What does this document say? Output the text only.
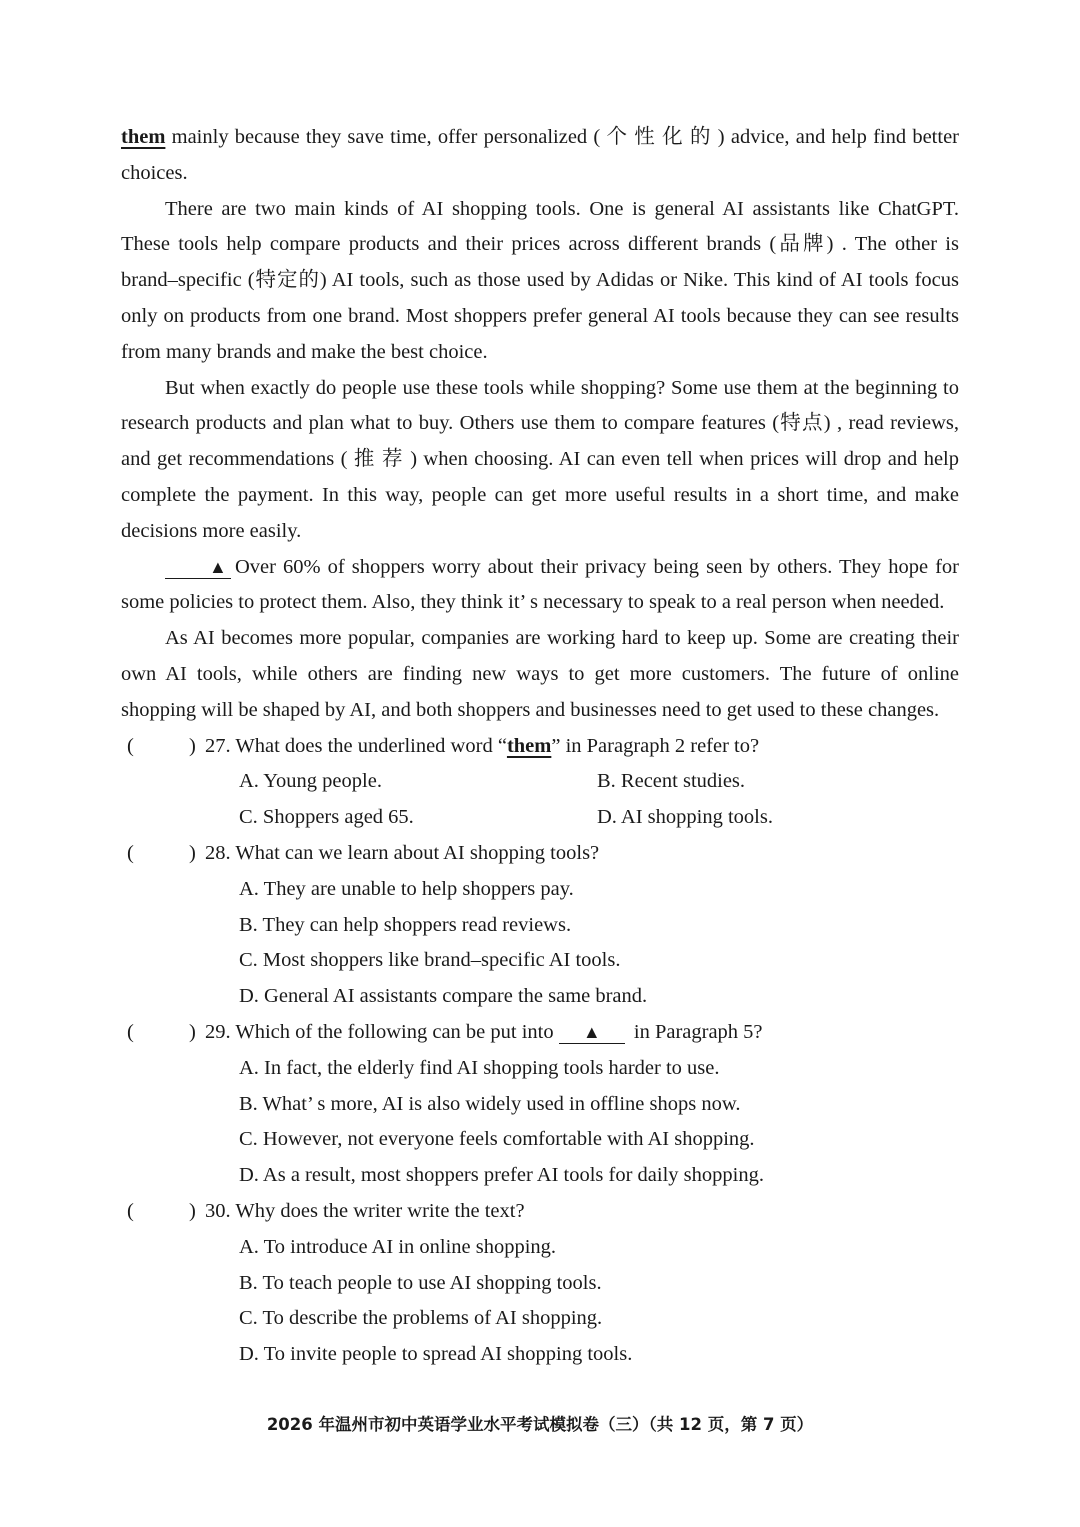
them mainly because they save time, offer personalized ( 个 性 化 的 ) advice, and help find better choices.

There are two main kinds of AI shopping tools. One is general AI assistants like ChatGPT. These tools help compare products and their prices across different brands (品牌) . The other is brand–specific (特定的) AI tools, such as those used by Adidas or Nike. This kind of AI tools focus only on products from one brand. Most shoppers prefer general AI tools because they can see results from many brands and make the best choice.

But when exactly do people use these tools while shopping? Some use them at the beginning to research products and plan what to buy. Others use them to compare features (特点) , read reviews, and get recommendations ( 推 荐 ) when choosing. AI can even tell when prices will drop and help complete the payment. In this way, people can get more useful results in a short time, and make decisions more easily.

▲ Over 60% of shoppers worry about their privacy being seen by others. They hope for some policies to protect them. Also, they think it’ s necessary to speak to a real person when needed.

As AI becomes more popular, companies are working hard to keep up. Some are creating their own AI tools, while others are finding new ways to get more customers. The future of online shopping will be shaped by AI, and both shoppers and businesses need to get used to these changes.

(	) 27. What does the underlined word “them” in Paragraph 2 refer to?
A. Young people.	B. Recent studies.
C. Shoppers aged 65.	D. AI shopping tools.
(	) 28. What can we learn about AI shopping tools?
A. They are unable to help shoppers pay.
B. They can help shoppers read reviews.
C. Most shoppers like brand–specific AI tools.
D. General AI assistants compare the same brand.
(	) 29. Which of the following can be put into ▲ in Paragraph 5?
A. In fact, the elderly find AI shopping tools harder to use.
B. What’ s more, AI is also widely used in offline shops now.
C. However, not everyone feels comfortable with AI shopping.
D. As a result, most shoppers prefer AI tools for daily shopping.
(	) 30. Why does the writer write the text?
A. To introduce AI in online shopping.
B. To teach people to use AI shopping tools.
C. To describe the problems of AI shopping.
D. To invite people to spread AI shopping tools.
2026 年温州市初中英语学业水平考试模拟卷（三）（共 12 页，第 7 页）
